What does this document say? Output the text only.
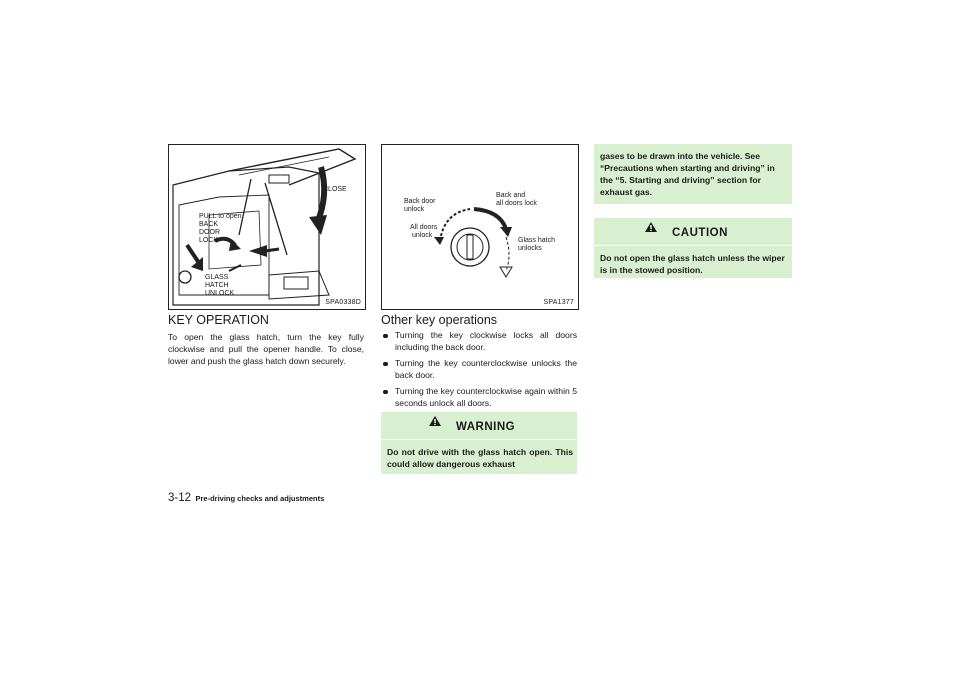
CLOSE
PULL to open
BACK
DOOR
LOCK
GLASS
HATCH
UNLOCK
SPA0338D
KEY OPERATION

To open the glass hatch, turn the key fully clockwise and pull the opener handle. To close, lower and push the glass hatch down securely.

Back door
unlock
All doors
unlock
Back and
all doors lock
Glass hatch
unlocks
SPA1377
Other key operations
Turning the key clockwise locks all doors including the back door.
Turning the key counterclockwise unlocks the back door.
Turning the key counterclockwise again within 5 seconds unlock all doors.
WARNING

Do not drive with the glass hatch open. This could allow dangerous exhaust

gases to be drawn into the vehicle. See “Precautions when starting and driving” in the “5. Starting and driving” section for exhaust gas.

CAUTION

Do not open the glass hatch unless the wiper is in the stowed position.

3-12 Pre-driving checks and adjustments
